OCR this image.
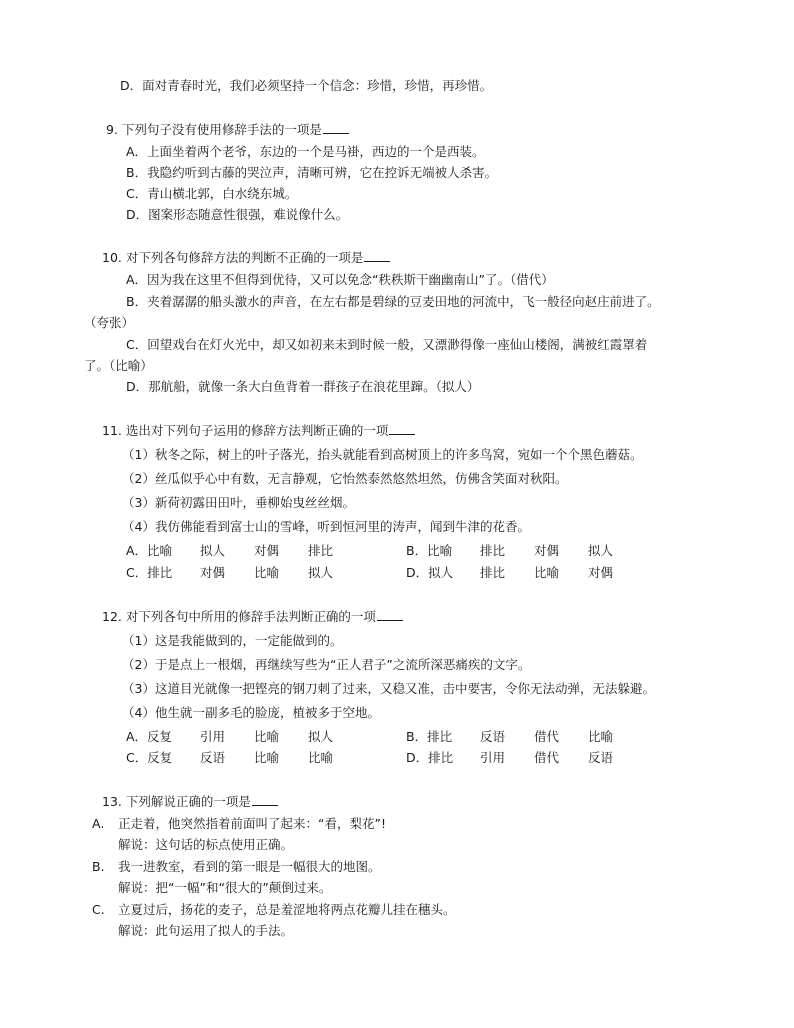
D．面对青春时光，我们必须坚持一个信念：珍惜，珍惜，再珍惜。
9. 下列句子没有使用修辞手法的一项是
A．上面坐着两个老爷，东边的一个是马褂，西边的一个是西装。
B．我隐约听到古藤的哭泣声，清晰可辨，它在控诉无端被人杀害。
C．青山横北郭，白水绕东城。
D．图案形态随意性很强，难说像什么。
10. 对下列各句修辞方法的判断不正确的一项是
A．因为我在这里不但得到优待，又可以免念“秩秩斯干幽幽南山”了。（借代）
B．夹着潺潺的船头激水的声音，在左右都是碧绿的豆麦田地的河流中，飞一般径向赵庄前进了。
（夸张）
C．回望戏台在灯火光中，却又如初来未到时候一般，又漂渺得像一座仙山楼阁，满被红霞罩着
了。（比喻）
D．那航船，就像一条大白鱼背着一群孩子在浪花里蹿。（拟人）
11. 选出对下列句子运用的修辞方法判断正确的一项
（1）秋冬之际，树上的叶子落光，抬头就能看到高树顶上的许多鸟窝，宛如一个个黑色蘑菇。
（2）丝瓜似乎心中有数，无言静观，它怡然泰然悠然坦然，仿佛含笑面对秋阳。
（3）新荷初露田田叶，垂柳始曳丝丝烟。
（4）我仿佛能看到富士山的雪峰，听到恒河里的涛声，闻到牛津的花香。
A．比喻 拟人 对偶 排比	B．比喻 排比 对偶 拟人
C．排比 对偶 比喻 拟人	D．拟人 排比 比喻 对偶
12. 对下列各句中所用的修辞手法判断正确的一项
（1）这是我能做到的，一定能做到的。
（2）于是点上一根烟，再继续写些为“正人君子”之流所深恶痛疾的文字。
（3）这道目光就像一把铿亮的钢刀刺了过来，又稳又准，击中要害，令你无法动弹，无法躲避。
（4）他生就一副多毛的脸庞，植被多于空地。
A．反复 引用 比喻 拟人	B．排比 反语 借代 比喻
C．反复 反语 比喻 比喻	D．排比 引用 借代 反语
13. 下列解说正确的一项是
A. 正走着，他突然指着前面叫了起来：“看，梨花”!
解说：这句话的标点使用正确。
B. 我一进教室，看到的第一眼是一幅很大的地图。
解说：把“一幅”和“很大的”颠倒过来。
C. 立夏过后，扬花的麦子，总是羞涩地将两点花瓣儿挂在穗头。
解说：此句运用了拟人的手法。
